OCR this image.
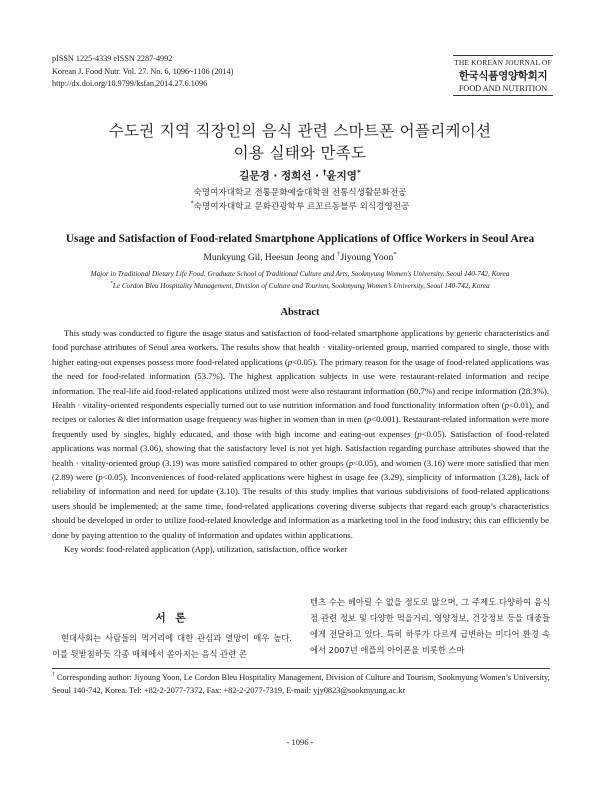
pISSN 1225-4339 eISSN 2287-4992
Korean J. Food Nutr. Vol. 27. No. 6, 1096~1106 (2014)
http://dx.doi.org/10.9799/ksfan.2014.27.6.1096
THE KOREAN JOURNAL OF
한국식품영양학회지
FOOD AND NUTRITION
수도권 지역 직장인의 음식 관련 스마트폰 어플리케이션
이용 실태와 만족도
길문경 · 정희선 · †윤지영*
숙명여자대학교 전통문화예술대학원 전통식생활문화전공
*숙명여자대학교 문화관광학부 르꼬르동블루 외식경영전공
Usage and Satisfaction of Food-related Smartphone Applications of Office Workers in Seoul Area
Munkyung Gil, Heesun Jeong and †Jiyoung Yoon*
Major in Traditional Dietary Life Food, Graduate School of Traditional Culture and Arts, Sookmyung Women's University, Seoul 140-742, Korea
*Le Cordon Bleu Hospitality Management, Division of Culture and Tourism, Sookmyung Women’s University, Seoul 140-742, Korea
Abstract

This study was conducted to figure the usage status and satisfaction of food-related smartphone applications by generic characteristics and food purchase attributes of Seoul area workers. The results show that health · vitality-oriented group, married compared to single, those with higher eating-out expenses possess more food-related applications (p<0.05). The primary reason for the usage of food-related applications was the need for food-related information (53.7%). The highest application subjects in use were restaurant-related information and recipe information. The real-life aid food-related applications utilized most were also restaurant information (60.7%) and recipe information (28.3%). Health · vitality-oriented respondents especially turned out to use nutrition information and food functionality information often (p<0.01), and recipes or calories & diet information usage frequency was higher in women than in men (p<0.001). Restaurant-related information were more frequently used by singles, highly educated, and those with high income and eating-out expenses (p<0.05). Satisfaction of food-related applications was normal (3.06), showing that the satisfactory level is not yet high. Satisfaction regarding purchase attributes showed that the health · vitality-oriented group (3.19) was more satisfied compared to other groups (p<0.05), and women (3.16) were more satisfied that men (2.89) were (p<0.05). Inconveniences of food-related applications were highest in usage fee (3.29), simplicity of information (3.28), lack of reliability of information and need for update (3.10). The results of this study implies that various subdivisions of food-related applications users should be implemented; at the same time, food-related applications covering diverse subjects that regard each group’s characteristics should be developed in order to utilize food-related knowledge and information as a marketing tool in the food industry; this can efficiently be done by paying attention to the quality of information and updates within applications.

Key words: food-related application (App), utilization, satisfaction, office worker

서 론

현대사회는 사람들의 먹거리에 대한 관심과 열망이 매우 높다. 이를 뒷받침하듯 각종 매체에서 쏟아지는 음식 관련 콘

텐츠 수는 헤아릴 수 없을 정도로 많으며, 그 주제도 다양하여 음식점 관련 정보 및 다양한 먹을거리, 영양정보, 건강정보 등을 대중들에게 전달하고 있다. 특히 하루가 다르게 급변하는 미디어 환경 속에서 2007년 애플의 아이폰을 비롯한 스마

† Corresponding author: Jiyoung Yoon, Le Cordon Bleu Hospitality Management, Division of Culture and Tourism, Sookmyung Women’s University, Seoul 140-742, Korea. Tel: +82-2-2077-7372, Fax: +82-2-2077-7319, E-mail: yjy0823@sookmyung.ac.kr

- 1096 -
